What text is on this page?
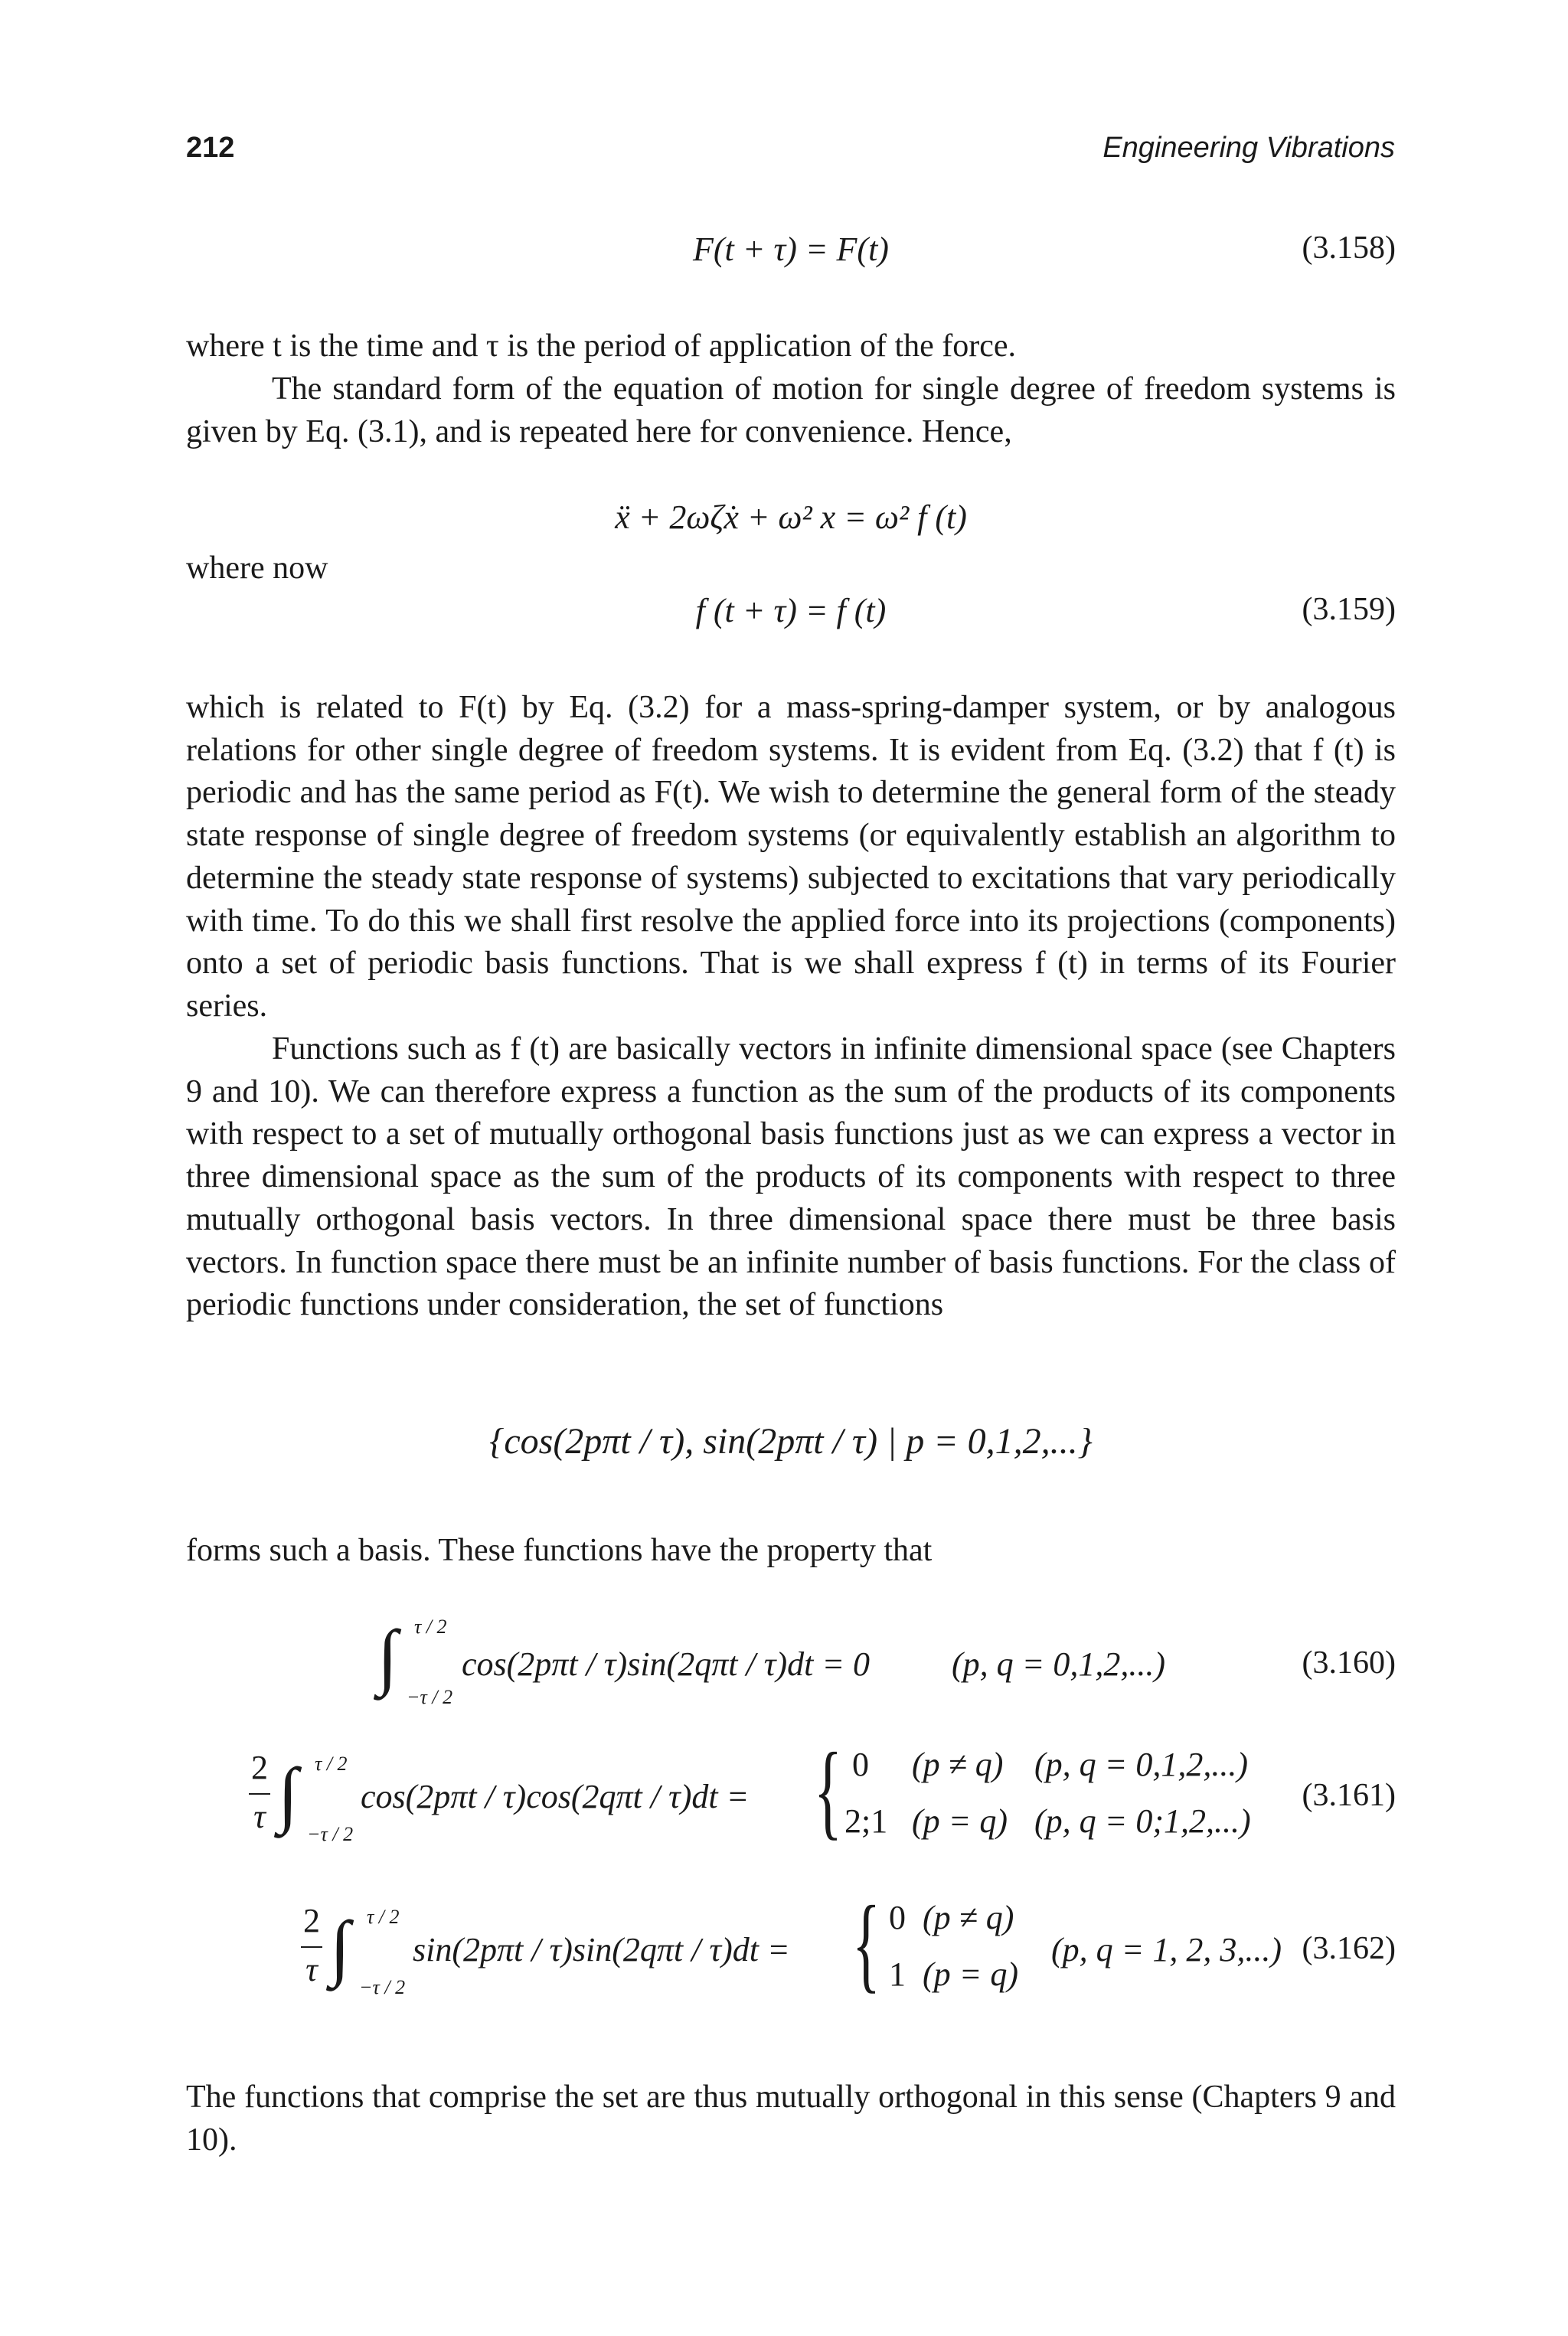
212	Engineering Vibrations
F(t + τ) = F(t)	(3.158)

where t is the time and τ is the period of application of the force.

The standard form of the equation of motion for single degree of freedom systems is given by Eq. (3.1), and is repeated here for convenience. Hence,

ẍ + 2ωζẋ + ω² x = ω² f (t)

where now

f (t + τ) = f (t)	(3.159)

which is related to F(t) by Eq. (3.2) for a mass-spring-damper system, or by analogous relations for other single degree of freedom systems. It is evident from Eq. (3.2) that f (t) is periodic and has the same period as F(t). We wish to determine the general form of the steady state response of single degree of freedom systems (or equivalently establish an algorithm to determine the steady state response of systems) subjected to excitations that vary periodically with time. To do this we shall first resolve the applied force into its projections (components) onto a set of periodic basis functions. That is we shall express f (t) in terms of its Fourier series.

Functions such as f (t) are basically vectors in infinite dimensional space (see Chapters 9 and 10). We can therefore express a function as the sum of the products of its components with respect to a set of mutually orthogonal basis functions just as we can express a vector in three dimensional space as the sum of the products of its components with respect to three mutually orthogonal basis vectors. In three dimensional space there must be three basis vectors. In function space there must be an infinite number of basis functions. For the class of periodic functions under consideration, the set of functions

{cos(2pπt / τ), sin(2pπt / τ) | p = 0,1,2,...}

forms such a basis. These functions have the property that

∫ τ / 2
−τ / 2
cos(2pπt / τ)sin(2qπt / τ)dt = 0 (p, q = 0,1,2,...)	(3.160)
2
τ ∫ τ / 2
−τ / 2
cos(2pπt / τ)cos(2qπt / τ)dt = { 0 (p ≠ q) (p, q = 0,1,2,...)
2;1 (p = q) (p, q = 0;1,2,...)
(3.161)
2
τ ∫ τ / 2
−τ / 2
sin(2pπt / τ)sin(2qπt / τ)dt = { 0 (p ≠ q)
1 (p = q)
(p, q = 1, 2, 3,...) (3.162)

The functions that comprise the set are thus mutually orthogonal in this sense (Chapters 9 and 10).
